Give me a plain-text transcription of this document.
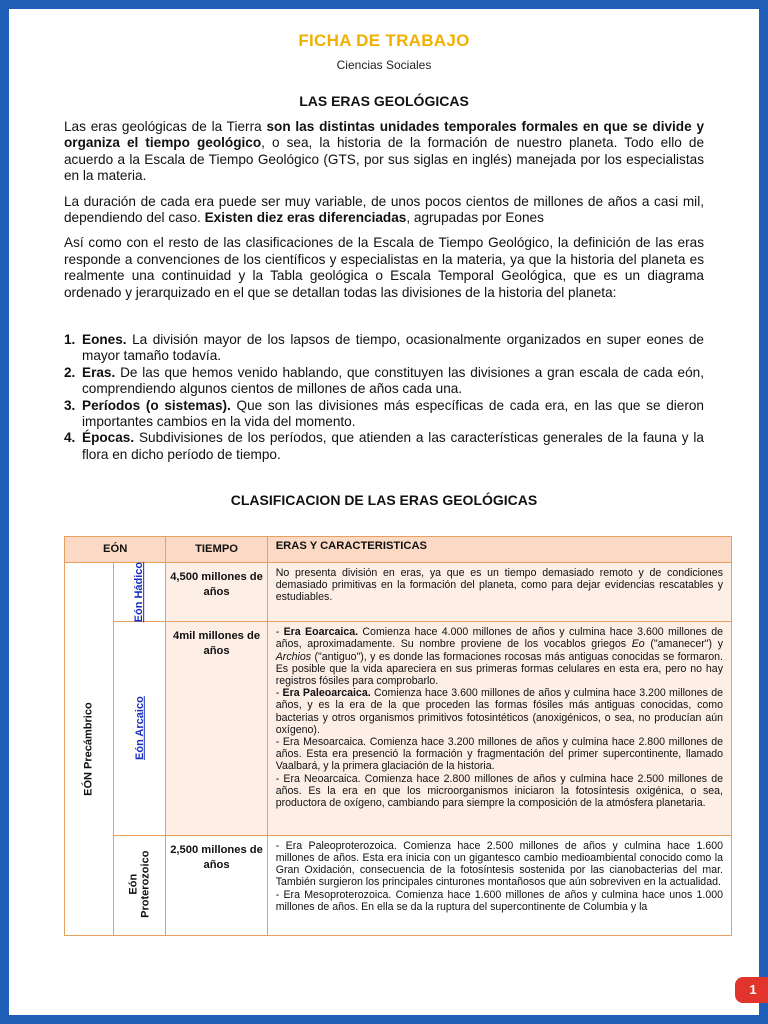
FICHA DE TRABAJO
Ciencias Sociales
LAS ERAS GEOLÓGICAS

Las eras geológicas de la Tierra son las distintas unidades temporales formales en que se divide y organiza el tiempo geológico, o sea, la historia de la formación de nuestro planeta. Todo ello de acuerdo a la Escala de Tiempo Geológico (GTS, por sus siglas en inglés) manejada por los especialistas en la materia.

La duración de cada era puede ser muy variable, de unos pocos cientos de millones de años a casi mil, dependiendo del caso. Existen diez eras diferenciadas, agrupadas por Eones

Así como con el resto de las clasificaciones de la Escala de Tiempo Geológico, la definición de las eras responde a convenciones de los científicos y especialistas en la materia, ya que la historia del planeta es realmente una continuidad y la Tabla geológica o Escala Temporal Geológica, que es un diagrama ordenado y jerarquizado en el que se detallan todas las divisiones de la historia del planeta:

1. Eones. La división mayor de los lapsos de tiempo, ocasionalmente organizados en super eones de mayor tamaño todavía.
2. Eras. De las que hemos venido hablando, que constituyen las divisiones a gran escala de cada eón, comprendiendo algunos cientos de millones de años cada una.
3. Períodos (o sistemas). Que son las divisiones más específicas de cada era, en las que se dieron importantes cambios en la vida del momento.
4. Épocas. Subdivisiones de los períodos, que atienden a las características generales de la fauna y la flora en dicho período de tiempo.
CLASIFICACION DE LAS ERAS GEOLÓGICAS
EÓN		TIEMPO	ERAS Y CARACTERISTICAS

EÓN Precámbrico	Eón Hádico	4,500 millones de años	No presenta división en eras, ya que es un tiempo demasiado remoto y de condiciones demasiado primitivas en la formación del planeta, como para dejar evidencias rescatables y estudiables.

	Eón Arcaico	4mil millones de años	- Era Eoarcaica. Comienza hace 4.000 millones de años y culmina hace 3.600 millones de años, aproximadamente. Su nombre proviene de los vocablos griegos Eo ("amanecer") y Archios ("antiguo"), y es donde las formaciones rocosas más antiguas conocidas se formaron. Es posible que la vida apareciera en sus primeras formas celulares en esta era, pero no hay registros fósiles para comprobarlo.

- Era Paleoarcaica. Comienza hace 3.600 millones de años y culmina hace 3.200 millones de años, y es la era de la que proceden las formas fósiles más antiguas conocidas, como bacterias y otros organismos primitivos fotosintéticos (anoxigénicos, o sea, no producían aún oxígeno).

- Era Mesoarcaica. Comienza hace 3.200 millones de años y culmina hace 2.800 millones de años. Esta era presenció la formación y fragmentación del primer supercontinente, llamado Vaalbará, y la primera glaciación de la historia.

- Era Neoarcaica. Comienza hace 2.800 millones de años y culmina hace 2.500 millones de años. Es la era en que los microorganismos iniciaron la fotosíntesis oxigénica, o sea, productora de oxígeno, cambiando para siempre la composición de la atmósfera planetaria.

	Eón Proterozoico	2,500 millones de años	- Era Paleoproterozoica. Comienza hace 2.500 millones de años y culmina hace 1.600 millones de años. Esta era inicia con un gigantesco cambio medioambiental conocido como la Gran Oxidación, consecuencia de la fotosíntesis sostenida por las cianobacterias del mar. También surgieron los principales cinturones montañosos que aún sobreviven en la actualidad.

- Era Mesoproterozoica. Comienza hace 1.600 millones de años y culmina hace unos 1.000 millones de años. En ella se da la ruptura del supercontinente de Columbia y la

1
